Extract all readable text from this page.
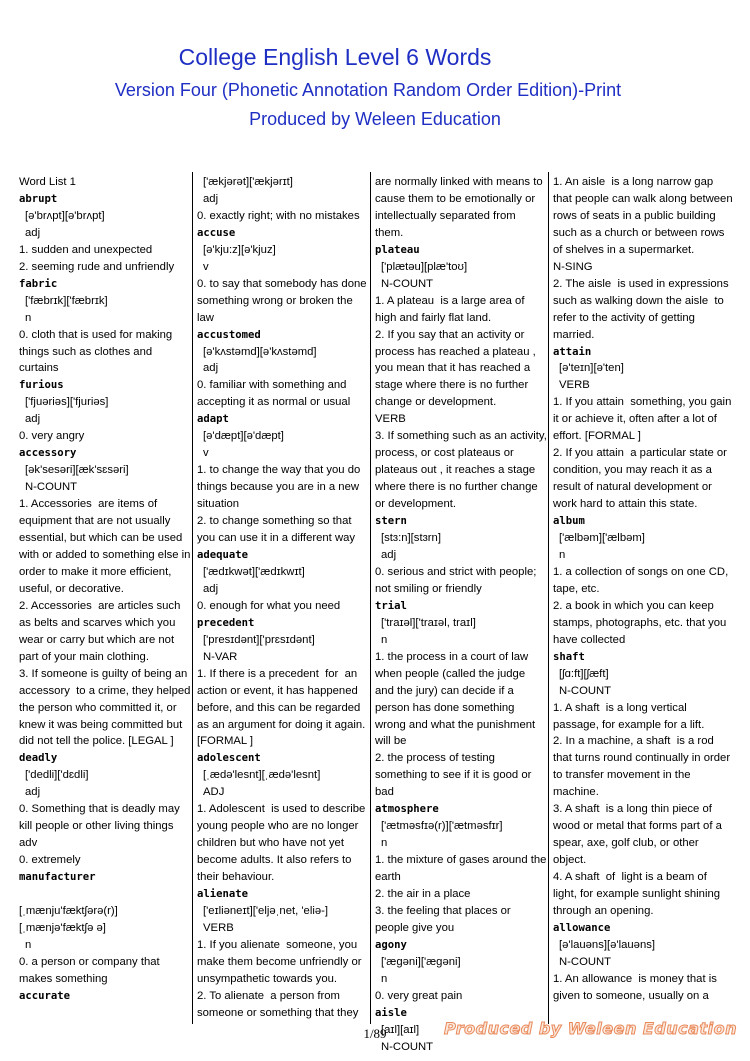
College English Level 6 Words
Version Four (Phonetic Annotation Random Order Edition)-Print
Produced by Weleen Education
Word List 1
abrupt
[ə'brʌpt][ə'brʌpt]
adj
1. sudden and unexpected
2. seeming rude and unfriendly
fabric
['fæbrɪk]['fæbrɪk]
n
0. cloth that is used for making things such as clothes and curtains
furious
['fjuəriəs]['fjuriəs]
adj
0. very angry
accessory
[ək'sesəri][æk'sɛsəri]
N-COUNT
1. Accessories  are items of equipment that are not usually essential, but which can be used with or added to something else in order to make it more efficient, useful, or decorative.
2. Accessories  are articles such as belts and scarves which you wear or carry but which are not part of your main clothing.
3. If someone is guilty of being an accessory  to a crime, they helped the person who committed it, or knew it was being committed but did not tell the police. [LEGAL ]
deadly
['dedli]['dɛdli]
adj
0. Something that is deadly may kill people or other living things
adv
0. extremely
manufacturer

[ˌmænju'fæktʃərə(r)][ˌmænjə'fæktʃə ə]
n
0. a person or company that makes something
accurate
['ækjərət]['ækjərɪt]
adj
0. exactly right; with no mistakes
accuse
[ə'kju:z][ə'kjuz]
v
0. to say that somebody has done something wrong or broken the law
accustomed
[ə'kʌstəmd][ə'kʌstəmd]
adj
0. familiar with something and accepting it as normal or usual
adapt
[ə'dæpt][ə'dæpt]
v
1. to change the way that you do things because you are in a new situation
2. to change something so that you can use it in a different way
adequate
['ædɪkwət]['ædɪkwɪt]
adj
0. enough for what you need
precedent
['presɪdənt]['prɛsɪdənt]
N-VAR
1. If there is a precedent  for  an action or event, it has happened before, and this can be regarded as an argument for doing it again. [FORMAL ]
adolescent
[ˌædə'lesnt][ˌædə'lesnt]
ADJ
1. Adolescent  is used to describe young people who are no longer children but who have not yet become adults. It also refers to their behaviour.
alienate
['eɪliəneɪt]['eljəˌnet, 'eliə-]
VERB
1. If you alienate  someone, you make them become unfriendly or unsympathetic towards you.
2. To alienate  a person from someone or something that they
are normally linked with means to cause them to be emotionally or intellectually separated from them.
plateau
['plætəu][plæ'toʊ]
N-COUNT
1. A plateau  is a large area of high and fairly flat land.
2. If you say that an activity or process has reached a plateau , you mean that it has reached a stage where there is no further change or development.
VERB
3. If something such as an activity, process, or cost plateaus or plateaus out , it reaches a stage where there is no further change or development.
stern
[stɜ:n][stɜrn]
adj
0. serious and strict with people; not smiling or friendly
trial
['traɪəl]['traɪəl, traɪl]
n
1. the process in a court of law when people (called the judge and the jury) can decide if a person has done something wrong and what the punishment will be
2. the process of testing something to see if it is good or bad
atmosphere
['ætməsfɪə(r)]['ætməsfɪr]
n
1. the mixture of gases around the earth
2. the air in a place
3. the feeling that places or people give you
agony
['ægəni]['ægəni]
n
0. very great pain
aisle
[aɪl][aɪl]
N-COUNT
1. An aisle  is a long narrow gap that people can walk along between rows of seats in a public building such as a church or between rows of shelves in a supermarket.
N-SING
2. The aisle  is used in expressions such as walking down the aisle  to refer to the activity of getting married.
attain
[ə'teɪn][ə'ten]
VERB
1. If you attain  something, you gain it or achieve it, often after a lot of effort. [FORMAL ]
2. If you attain  a particular state or condition, you may reach it as a result of natural development or work hard to attain this state.
album
['ælbəm]['ælbəm]
n
1. a collection of songs on one CD, tape, etc.
2. a book in which you can keep stamps, photographs, etc. that you have collected
shaft
[ʃɑ:ft][ʃæft]
N-COUNT
1. A shaft  is a long vertical passage, for example for a lift.
2. In a machine, a shaft  is a rod that turns round continually in order to transfer movement in the machine.
3. A shaft  is a long thin piece of wood or metal that forms part of a spear, axe, golf club, or other object.
4. A shaft  of  light is a beam of light, for example sunlight shining through an opening.
allowance
[ə'lauəns][ə'lauəns]
N-COUNT
1. An allowance  is money that is given to someone, usually on a
1/89	Produced by Weleen Education
